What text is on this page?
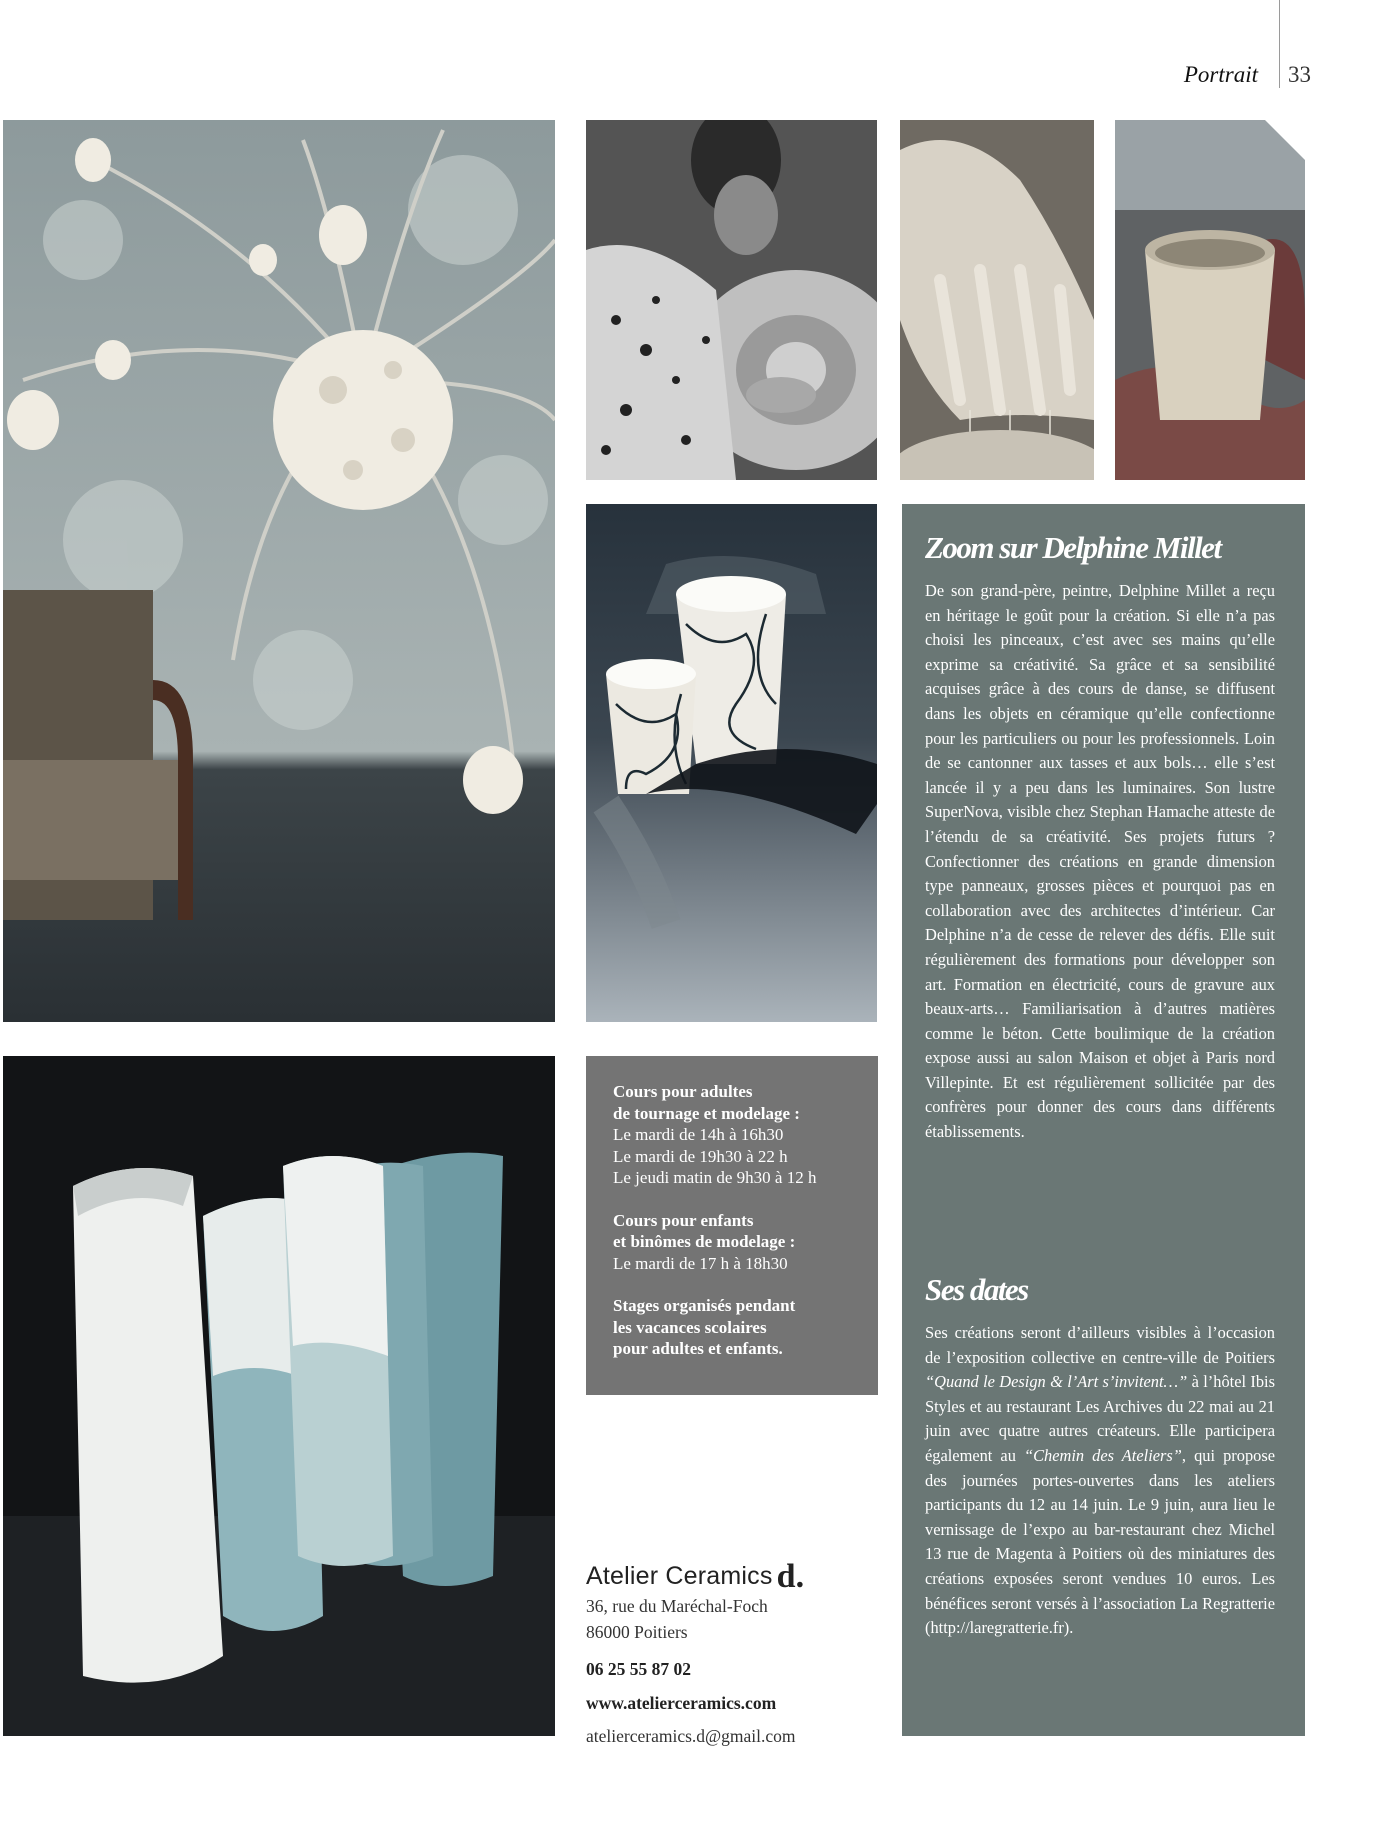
Portrait 33
Zoom sur Delphine Millet

De son grand-père, peintre, Delphine Millet a reçu en héritage le goût pour la création. Si elle n’a pas choisi les pinceaux, c’est avec ses mains qu’elle exprime sa créativité. Sa grâce et sa sensibilité acquises grâce à des cours de danse, se diffusent dans les objets en céramique qu’elle confectionne pour les particuliers ou pour les professionnels. Loin de se cantonner aux tasses et aux bols… elle s’est lancée il y a peu dans les luminaires. Son lustre SuperNova, visible chez Stephan Hamache atteste de l’étendu de sa créativité. Ses projets futurs ? Confectionner des créations en grande dimension type panneaux, grosses pièces et pourquoi pas en collaboration avec des architectes d’intérieur. Car Delphine n’a de cesse de relever des défis. Elle suit régulièrement des formations pour développer son art. Formation en électricité, cours de gravure aux beaux-arts… Familiarisation à d’autres matières comme le béton. Cette boulimique de la création expose aussi au salon Maison et objet à Paris nord Villepinte. Et est régulièrement sollicitée par des confrères pour donner des cours dans différents établissements.

Ses dates

Ses créations seront d’ailleurs visibles à l’occasion de l’exposition collective en centre-ville de Poitiers “Quand le Design & l’Art s’invitent…” à l’hôtel Ibis Styles et au restaurant Les Archives du 22 mai au 21 juin avec quatre autres créateurs. Elle participera également au “Chemin des Ateliers”, qui propose des journées portes-ouvertes dans les ateliers participants du 12 au 14 juin. Le 9 juin, aura lieu le vernissage de l’expo au bar-restaurant chez Michel 13 rue de Magenta à Poitiers où des miniatures des créations exposées seront vendues 10 euros. Les bénéfices seront versés à l’association La Regratterie (http://laregratterie.fr).

Cours pour adultes
de tournage et modelage :
Le mardi de 14h à 16h30
Le mardi de 19h30 à 22 h
Le jeudi matin de 9h30 à 12 h
Cours pour enfants
et binômes de modelage :
Le mardi de 17 h à 18h30
Stages organisés pendant
les vacances scolaires
pour adultes et enfants.
Atelier Ceramics d.
36, rue du Maréchal-Foch
86000 Poitiers
06 25 55 87 02
www.atelierceramics.com
atelierceramics.d@gmail.com
